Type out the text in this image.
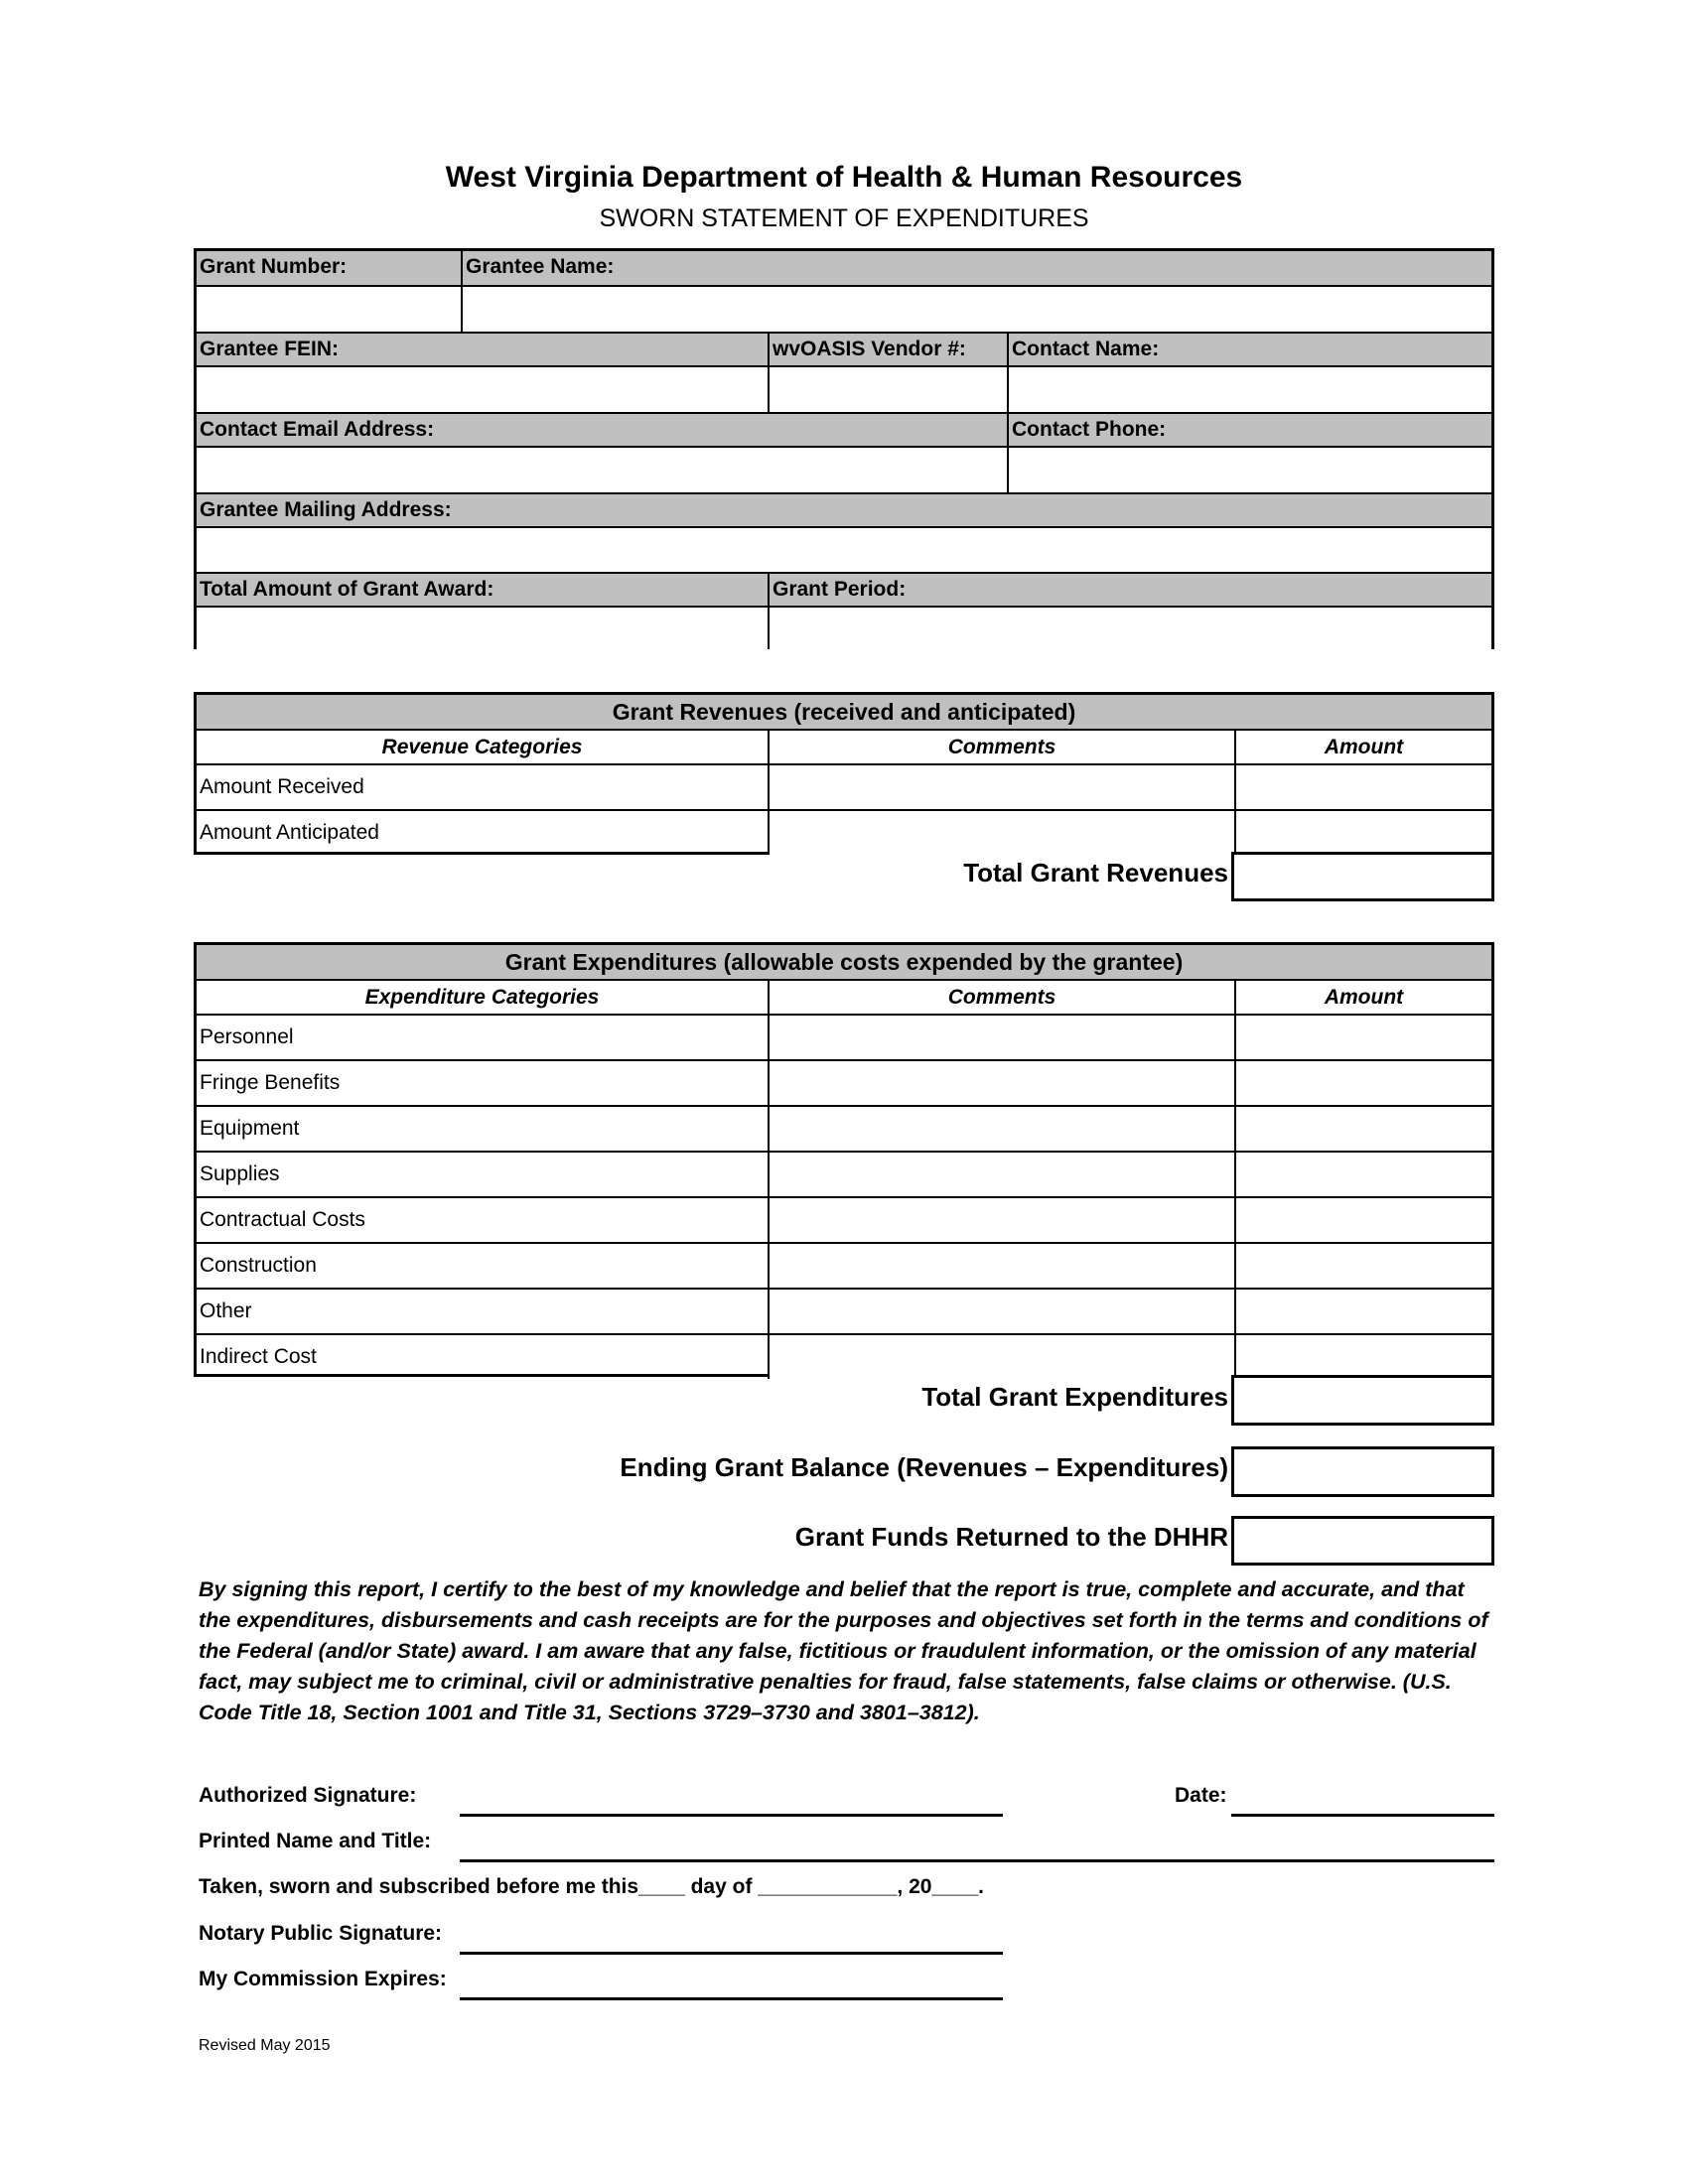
West Virginia Department of Health & Human Resources
SWORN STATEMENT OF EXPENDITURES
Grant Number:	Grantee Name:
Grantee FEIN:	wvOASIS Vendor #:	Contact Name:
Contact Email Address:	Contact Phone:
Grantee Mailing Address:
Total Amount of Grant Award:	Grant Period:
Grant Revenues (received and anticipated)
Revenue Categories	Comments	Amount
Amount Received
Amount Anticipated
Total Grant Revenues
Grant Expenditures (allowable costs expended by the grantee)
Expenditure Categories	Comments	Amount
Personnel
Fringe Benefits
Equipment
Supplies
Contractual Costs
Construction
Other
Indirect Cost
Total Grant Expenditures
Ending Grant Balance (Revenues – Expenditures)
Grant Funds Returned to the DHHR
By signing this report, I certify to the best of my knowledge and belief that the report is true, complete and accurate, and that the expenditures, disbursements and cash receipts are for the purposes and objectives set forth in the terms and conditions of the Federal (and/or State) award. I am aware that any false, fictitious or fraudulent information, or the omission of any material fact, may subject me to criminal, civil or administrative penalties for fraud, false statements, false claims or otherwise. (U.S. Code Title 18, Section 1001 and Title 31, Sections 3729–3730 and 3801–3812).
Authorized Signature:	Date:
Printed Name and Title:
Taken, sworn and subscribed before me this____ day of ____________, 20____.
Notary Public Signature:
My Commission Expires:
Revised May 2015
